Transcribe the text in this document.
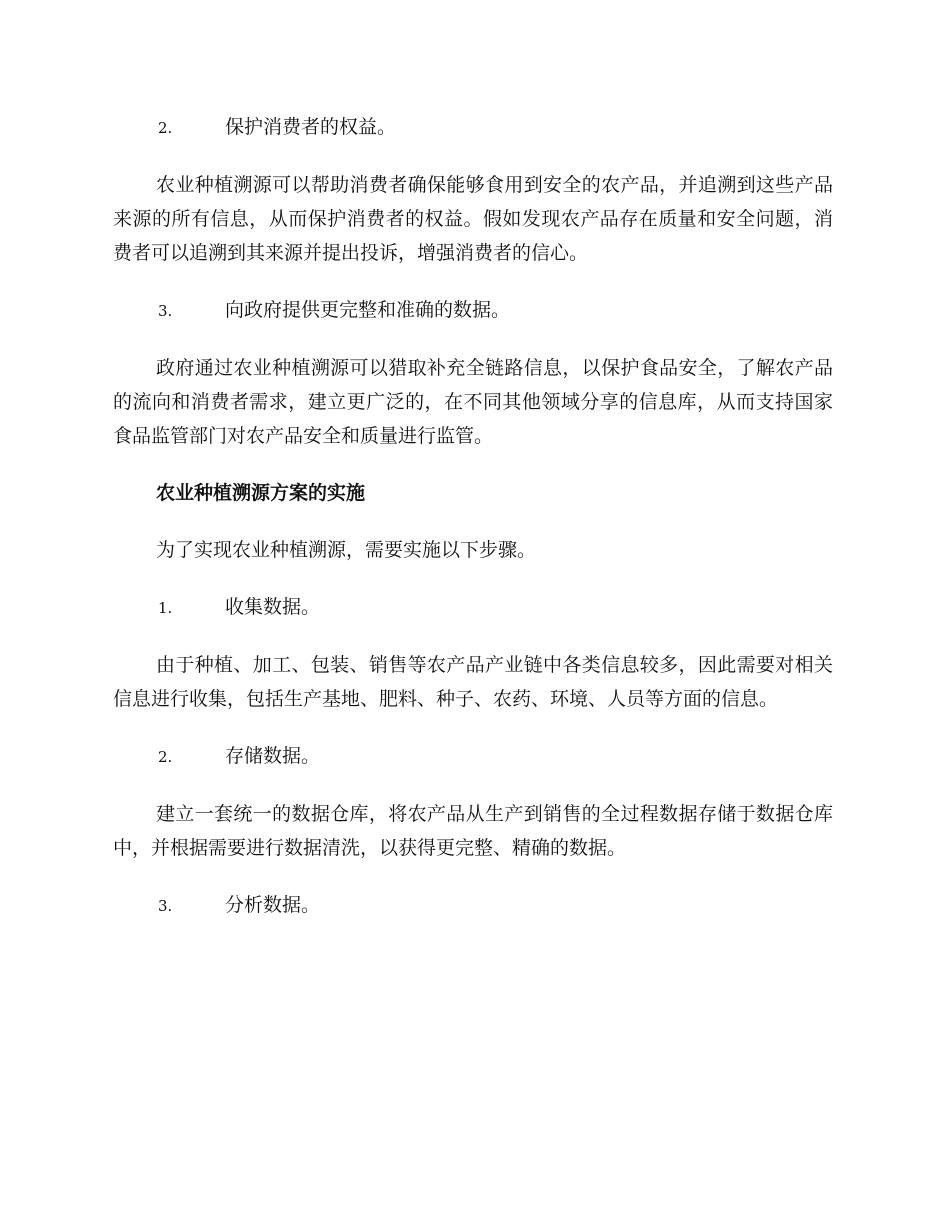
2.	保护消费者的权益。

农业种植溯源可以帮助消费者确保能够食用到安全的农产品，并追溯到这些产品来源的所有信息，从而保护消费者的权益。假如发现农产品存在质量和安全问题，消费者可以追溯到其来源并提出投诉，增强消费者的信心。

3.	向政府提供更完整和准确的数据。

政府通过农业种植溯源可以猎取补充全链路信息，以保护食品安全，了解农产品的流向和消费者需求，建立更广泛的，在不同其他领域分享的信息库，从而支持国家食品监管部门对农产品安全和质量进行监管。

农业种植溯源方案的实施

为了实现农业种植溯源，需要实施以下步骤。

1.	收集数据。

由于种植、加工、包装、销售等农产品产业链中各类信息较多，因此需要对相关信息进行收集，包括生产基地、肥料、种子、农药、环境、人员等方面的信息。

2.	存储数据。

建立一套统一的数据仓库，将农产品从生产到销售的全过程数据存储于数据仓库中，并根据需要进行数据清洗，以获得更完整、精确的数据。

3.	分析数据。
